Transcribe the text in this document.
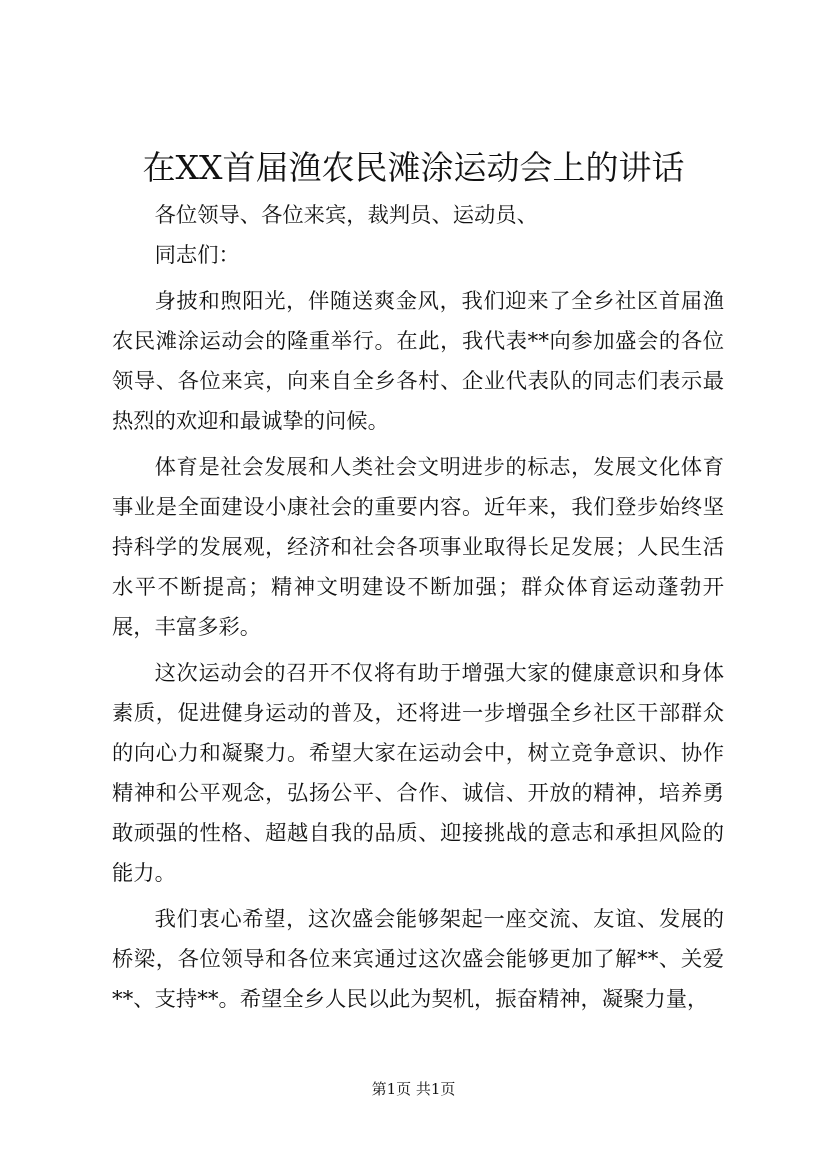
在XX首届渔农民滩涂运动会上的讲话

各位领导、各位来宾，裁判员、运动员、

同志们：

身披和煦阳光，伴随送爽金风，我们迎来了全乡社区首届渔农民滩涂运动会的隆重举行。在此，我代表**向参加盛会的各位领导、各位来宾，向来自全乡各村、企业代表队的同志们表示最热烈的欢迎和最诚挚的问候。

体育是社会发展和人类社会文明进步的标志，发展文化体育事业是全面建设小康社会的重要内容。近年来，我们登步始终坚持科学的发展观，经济和社会各项事业取得长足发展；人民生活水平不断提高；精神文明建设不断加强；群众体育运动蓬勃开展，丰富多彩。

这次运动会的召开不仅将有助于增强大家的健康意识和身体素质，促进健身运动的普及，还将进一步增强全乡社区干部群众的向心力和凝聚力。希望大家在运动会中，树立竞争意识、协作精神和公平观念，弘扬公平、合作、诚信、开放的精神，培养勇敢顽强的性格、超越自我的品质、迎接挑战的意志和承担风险的能力。

我们衷心希望，这次盛会能够架起一座交流、友谊、发展的桥梁，各位领导和各位来宾通过这次盛会能够更加了解**、关爱**、支持**。希望全乡人民以此为契机，振奋精神，凝聚力量，

第1页 共1页
